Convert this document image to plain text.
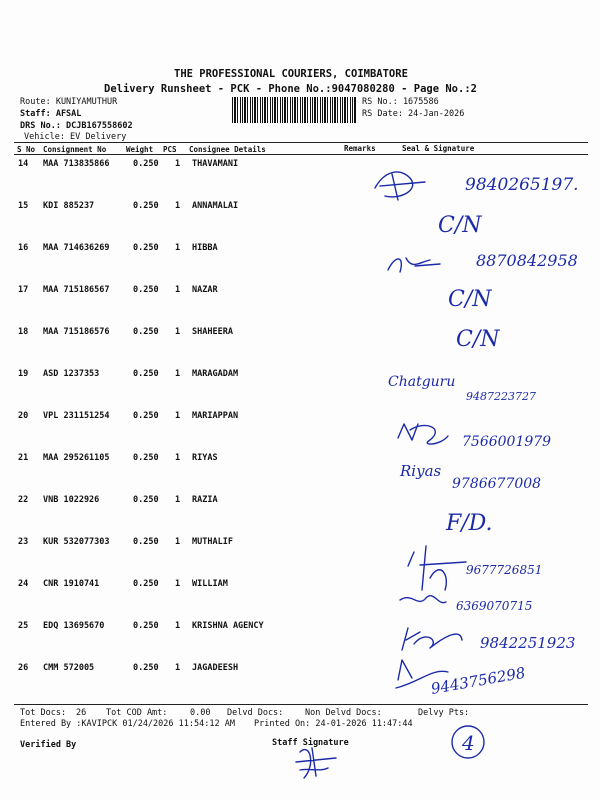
THE PROFESSIONAL COURIERS, COIMBATORE
Delivery Runsheet - PCK - Phone No.:9047080280 - Page No.:2
Route: KUNIYAMUTHUR
Staff: AFSAL
DRS No.: DCJB167558602
Vehicle: EV Delivery
RS No.: 1675586
RS Date: 24-Jan-2026
S No Consignment No	Weight PCS Consignee Details	Remarks	Seal & Signature
14 MAA 713835866	0.250 1 THAVAMANI
15 KDI 885237	0.250 1 ANNAMALAI
16 MAA 714636269	0.250 1 HIBBA
17 MAA 715186567	0.250 1 NAZAR
18 MAA 715186576	0.250 1 SHAHEERA
19 ASD 1237353	0.250 1 MARAGADAM
20 VPL 231151254	0.250 1 MARIAPPAN
21 MAA 295261105	0.250 1 RIYAS
22 VNB 1022926	0.250 1 RAZIA
23 KUR 532077303	0.250 1 MUTHALIF
24 CNR 1910741	0.250 1 WILLIAM
25 EDQ 13695670	0.250 1 KRISHNA AGENCY
26 CMM 572005	0.250 1 JAGADEESH
Tot Docs: 26 Tot COD Amt:	0.00 Delvd Docs:	Non Delvd Docs:	Delvy Pts:
Entered By :KAVIPCK 01/24/2026 11:54:12 AM Printed On: 24-01-2026 11:47:44
Verified By	Staff Signature
9840265197.
C/N
8870842958
C/N
C/N
Chatguru
9487223727
7566001979
Riyas
9786677008
F/D.
9677726851
6369070715
9842251923
9443756298
4
